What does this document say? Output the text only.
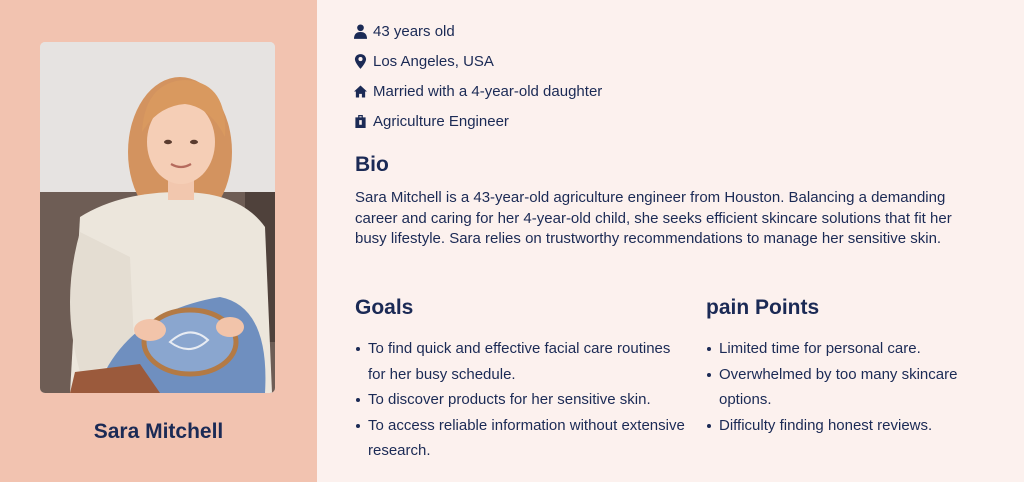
Sara Mitchell
43 years old
Los Angeles, USA
Married with a 4-year-old daughter
Agriculture Engineer
Bio

Sara Mitchell is a 43-year-old agriculture engineer from Houston. Balancing a demanding career and caring for her 4-year-old child, she seeks efficient skincare solutions that fit her busy lifestyle. Sara relies on trustworthy recommendations to manage her sensitive skin.

Goals
To find quick and effective facial care routines for her busy schedule.
To discover products for her sensitive skin.
To access reliable information without extensive research.
pain Points
Limited time for personal care.
Overwhelmed by too many skincare options.
Difficulty finding honest reviews.
